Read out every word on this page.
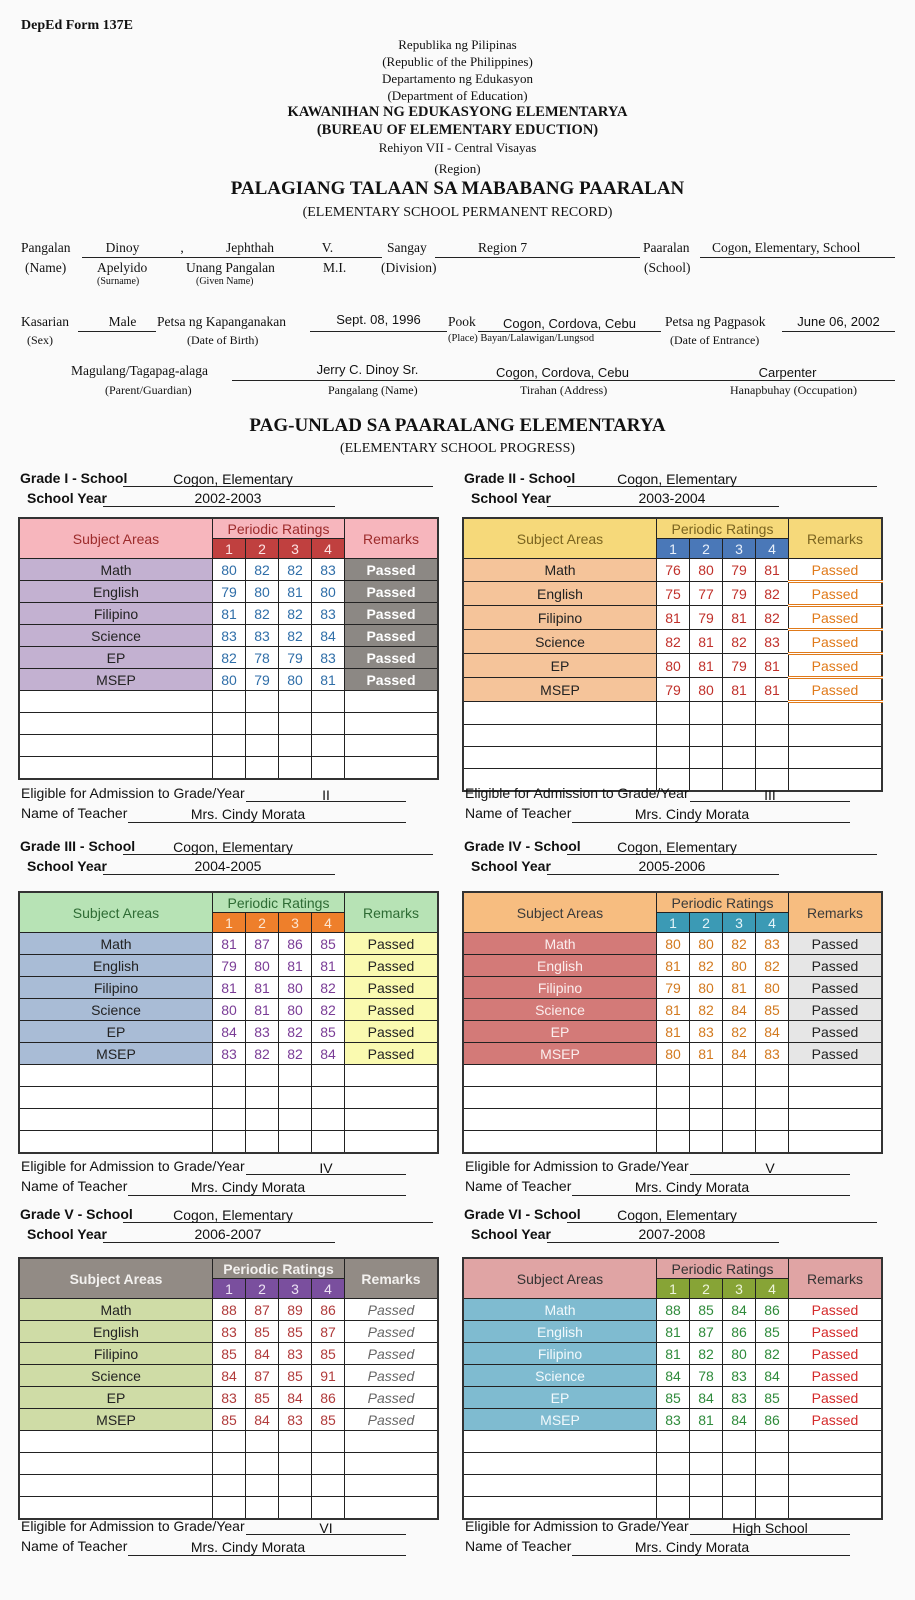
DepEd Form 137E
Republika ng Pilipinas
(Republic of the Philippines)
Departamento ng Edukasyon
(Department of Education)
KAWANIHAN NG EDUKASYONG ELEMENTARYA
(BUREAU OF ELEMENTARY EDUCTION)
Rehiyon VII - Central Visayas
(Region)
PALAGIANG TALAAN SA MABABANG PAARALAN
(ELEMENTARY SCHOOL PERMANENT RECORD)
Pangalan	Dinoy	,	Jephthah	V.
(Name) Apelyido
(Surname)
Unang Pangalan
(Given Name)
M.I.
Sangay	Region 7
(Division)
Paaralan Cogon, Elementary, School
(School)
Kasarian	Male
(Sex)
Petsa ng Kapanganakan	Sept. 08, 1996
(Date of Birth)
Pook	Cogon, Cordova, Cebu
(Place) Bayan/Lalawigan/Lungsod
Petsa ng Pagpasok	June 06, 2002
(Date of Entrance)
Magulang/Tagapag-alaga	Jerry C. Dinoy Sr.	Cogon, Cordova, Cebu	Carpenter
(Parent/Guardian)	Pangalang (Name)	Tirahan (Address)	Hanapbuhay (Occupation)
PAG-UNLAD SA PAARALANG ELEMENTARYA
(ELEMENTARY SCHOOL PROGRESS)
Grade I - School	Cogon, Elementary
School Year	2002-2003
Subject Areas	Periodic Ratings				Remarks
	1	2	3	4	
Math	80	82	82	83	Passed
English	79	80	81	80	Passed
Filipino	81	82	82	83	Passed
Science	83	83	82	84	Passed
EP	82	78	79	83	Passed
MSEP	80	79	80	81	Passed

Eligible for Admission to Grade/Year	II
Name of Teacher	Mrs. Cindy Morata
Grade II - School	Cogon, Elementary
School Year	2003-2004
Subject Areas	Periodic Ratings				Remarks
	1	2	3	4	
Math	76	80	79	81	Passed
English	75	77	79	82	Passed
Filipino	81	79	81	82	Passed
Science	82	81	82	83	Passed
EP	80	81	79	81	Passed
MSEP	79	80	81	81	Passed

Eligible for Admission to Grade/Year	III
Name of Teacher	Mrs. Cindy Morata
Grade III - School	Cogon, Elementary
School Year	2004-2005
Subject Areas	Periodic Ratings				Remarks
	1	2	3	4	
Math	81	87	86	85	Passed
English	79	80	81	81	Passed
Filipino	81	81	80	82	Passed
Science	80	81	80	82	Passed
EP	84	83	82	85	Passed
MSEP	83	82	82	84	Passed

Eligible for Admission to Grade/Year	IV
Name of Teacher	Mrs. Cindy Morata
Grade IV - School	Cogon, Elementary
School Year	2005-2006
Subject Areas	Periodic Ratings				Remarks
	1	2	3	4	
Math	80	80	82	83	Passed
English	81	82	80	82	Passed
Filipino	79	80	81	80	Passed
Science	81	82	84	85	Passed
EP	81	83	82	84	Passed
MSEP	80	81	84	83	Passed

Eligible for Admission to Grade/Year	V
Name of Teacher	Mrs. Cindy Morata
Grade V - School	Cogon, Elementary
School Year	2006-2007
Subject Areas	Periodic Ratings				Remarks
	1	2	3	4	
Math	88	87	89	86	Passed
English	83	85	85	87	Passed
Filipino	85	84	83	85	Passed
Science	84	87	85	91	Passed
EP	83	85	84	86	Passed
MSEP	85	84	83	85	Passed

Eligible for Admission to Grade/Year	VI
Name of Teacher	Mrs. Cindy Morata
Grade VI - School	Cogon, Elementary
School Year	2007-2008
Subject Areas	Periodic Ratings				Remarks
	1	2	3	4	
Math	88	85	84	86	Passed
English	81	87	86	85	Passed
Filipino	81	82	80	82	Passed
Science	84	78	83	84	Passed
EP	85	84	83	85	Passed
MSEP	83	81	84	86	Passed

Eligible for Admission to Grade/Year	High School
Name of Teacher	Mrs. Cindy Morata
